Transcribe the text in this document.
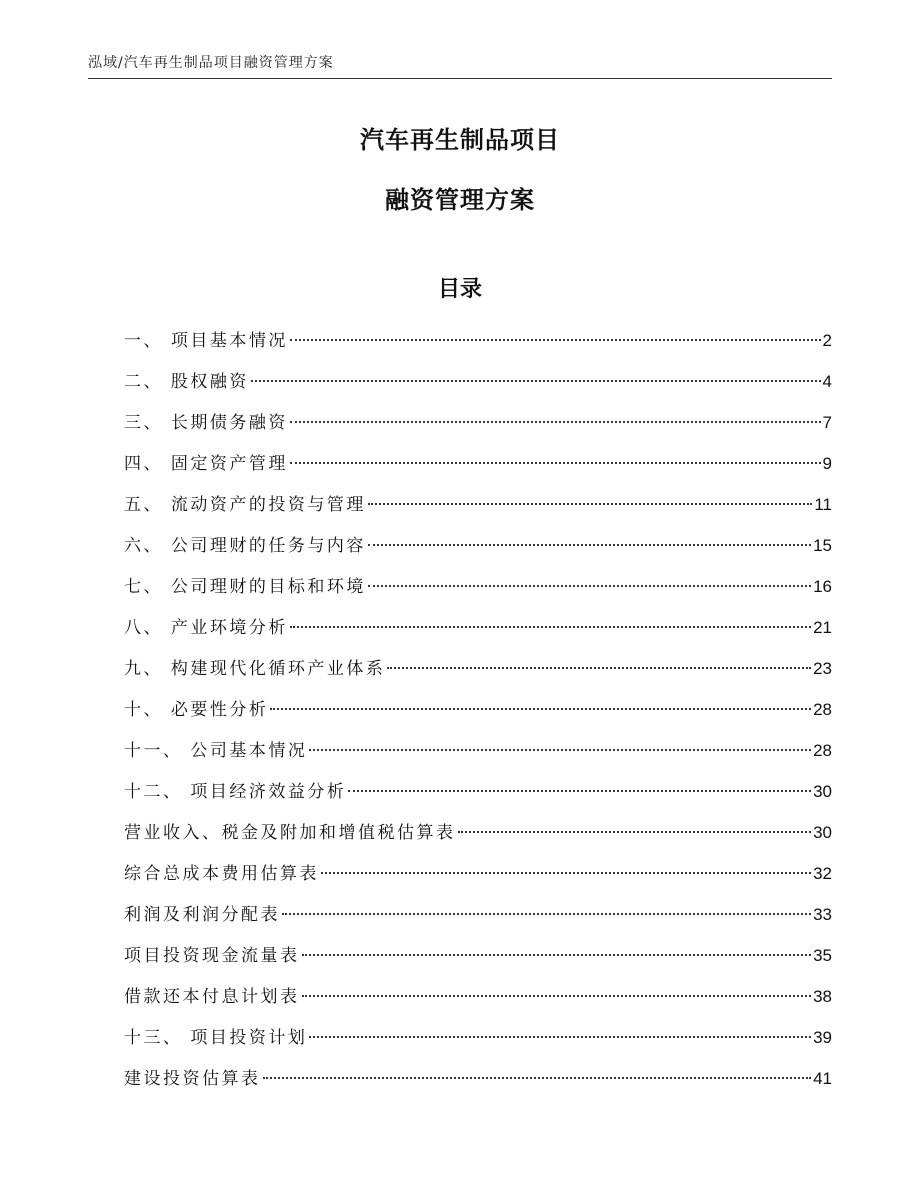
泓域/汽车再生制品项目融资管理方案
汽车再生制品项目
融资管理方案
目录
一、 项目基本情况	2
二、 股权融资	4
三、 长期债务融资	7
四、 固定资产管理	9
五、 流动资产的投资与管理	11
六、 公司理财的任务与内容	15
七、 公司理财的目标和环境	16
八、 产业环境分析	21
九、 构建现代化循环产业体系	23
十、 必要性分析	28
十一、 公司基本情况	28
十二、 项目经济效益分析	30
营业收入、税金及附加和增值税估算表	30
综合总成本费用估算表	32
利润及利润分配表	33
项目投资现金流量表	35
借款还本付息计划表	38
十三、 项目投资计划	39
建设投资估算表	41
